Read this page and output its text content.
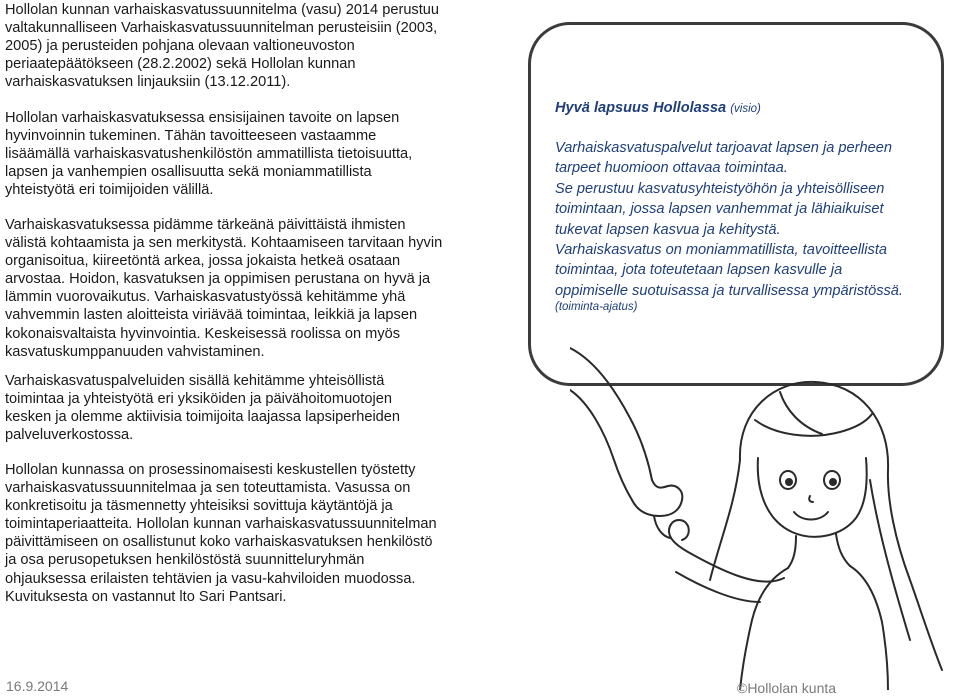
Hollolan kunnan varhaiskasvatussuunnitelma (vasu) 2014 perustuu
valtakunnalliseen Varhaiskasvatussuunnitelman perusteisiin (2003,
2005) ja perusteiden pohjana olevaan valtioneuvoston
periaatepäätökseen (28.2.2002) sekä Hollolan kunnan
varhaiskasvatuksen linjauksiin (13.12.2011).

Hollolan varhaiskasvatuksessa ensisijainen tavoite on lapsen
hyvinvoinnin tukeminen. Tähän tavoitteeseen vastaamme
lisäämällä varhaiskasvatushenkilöstön ammatillista tietoisuutta,
lapsen ja vanhempien osallisuutta sekä moniammatillista
yhteistyötä eri toimijoiden välillä.

Varhaiskasvatuksessa pidämme tärkeänä päivittäistä ihmisten
välistä kohtaamista ja sen merkitystä. Kohtaamiseen tarvitaan hyvin
organisoitua, kiireetöntä arkea, jossa jokaista hetkeä osataan
arvostaa. Hoidon, kasvatuksen ja oppimisen perustana on hyvä ja
lämmin vuorovaikutus. Varhaiskasvatustyössä kehitämme yhä
vahvemmin lasten aloitteista viriävää toimintaa, leikkiä ja lapsen
kokonaisvaltaista hyvinvointia. Keskeisessä roolissa on myös
kasvatuskumppanuuden vahvistaminen.

Varhaiskasvatuspalveluiden sisällä kehitämme yhteisöllistä
toimintaa ja yhteistyötä eri yksiköiden ja päivähoitomuotojen
kesken ja olemme aktiivisia toimijoita laajassa lapsiperheiden
palveluverkostossa.

Hollolan kunnassa on prosessinomaisesti keskustellen työstetty
varhaiskasvatussuunnitelmaa ja sen toteuttamista. Vasussa on
konkretisoitu ja täsmennetty yhteisiksi sovittuja käytäntöjä ja
toimintaperiaatteita. Hollolan kunnan varhaiskasvatussuunnitelman
päivittämiseen on osallistunut koko varhaiskasvatuksen henkilöstö
ja osa perusopetuksen henkilöstöstä suunnitteluryhmän
ohjauksessa erilaisten tehtävien ja vasu-kahviloiden muodossa.
Kuvituksesta on vastannut lto Sari Pantsari.

Hyvä lapsuus Hollolassa (visio)

Varhaiskasvatuspalvelut tarjoavat lapsen ja perheen
tarpeet huomioon ottavaa toimintaa.
Se perustuu kasvatusyhteistyöhön ja yhteisölliseen
toimintaan, jossa lapsen vanhemmat ja lähiaikuiset
tukevat lapsen kasvua ja kehitystä.
Varhaiskasvatus on moniammatillista, tavoitteellista
toimintaa, jota toteutetaan lapsen kasvulle ja
oppimiselle suotuisassa ja turvallisessa ympäristössä.

(toiminta-ajatus)

16.9.2014	©Hollolan kunta
